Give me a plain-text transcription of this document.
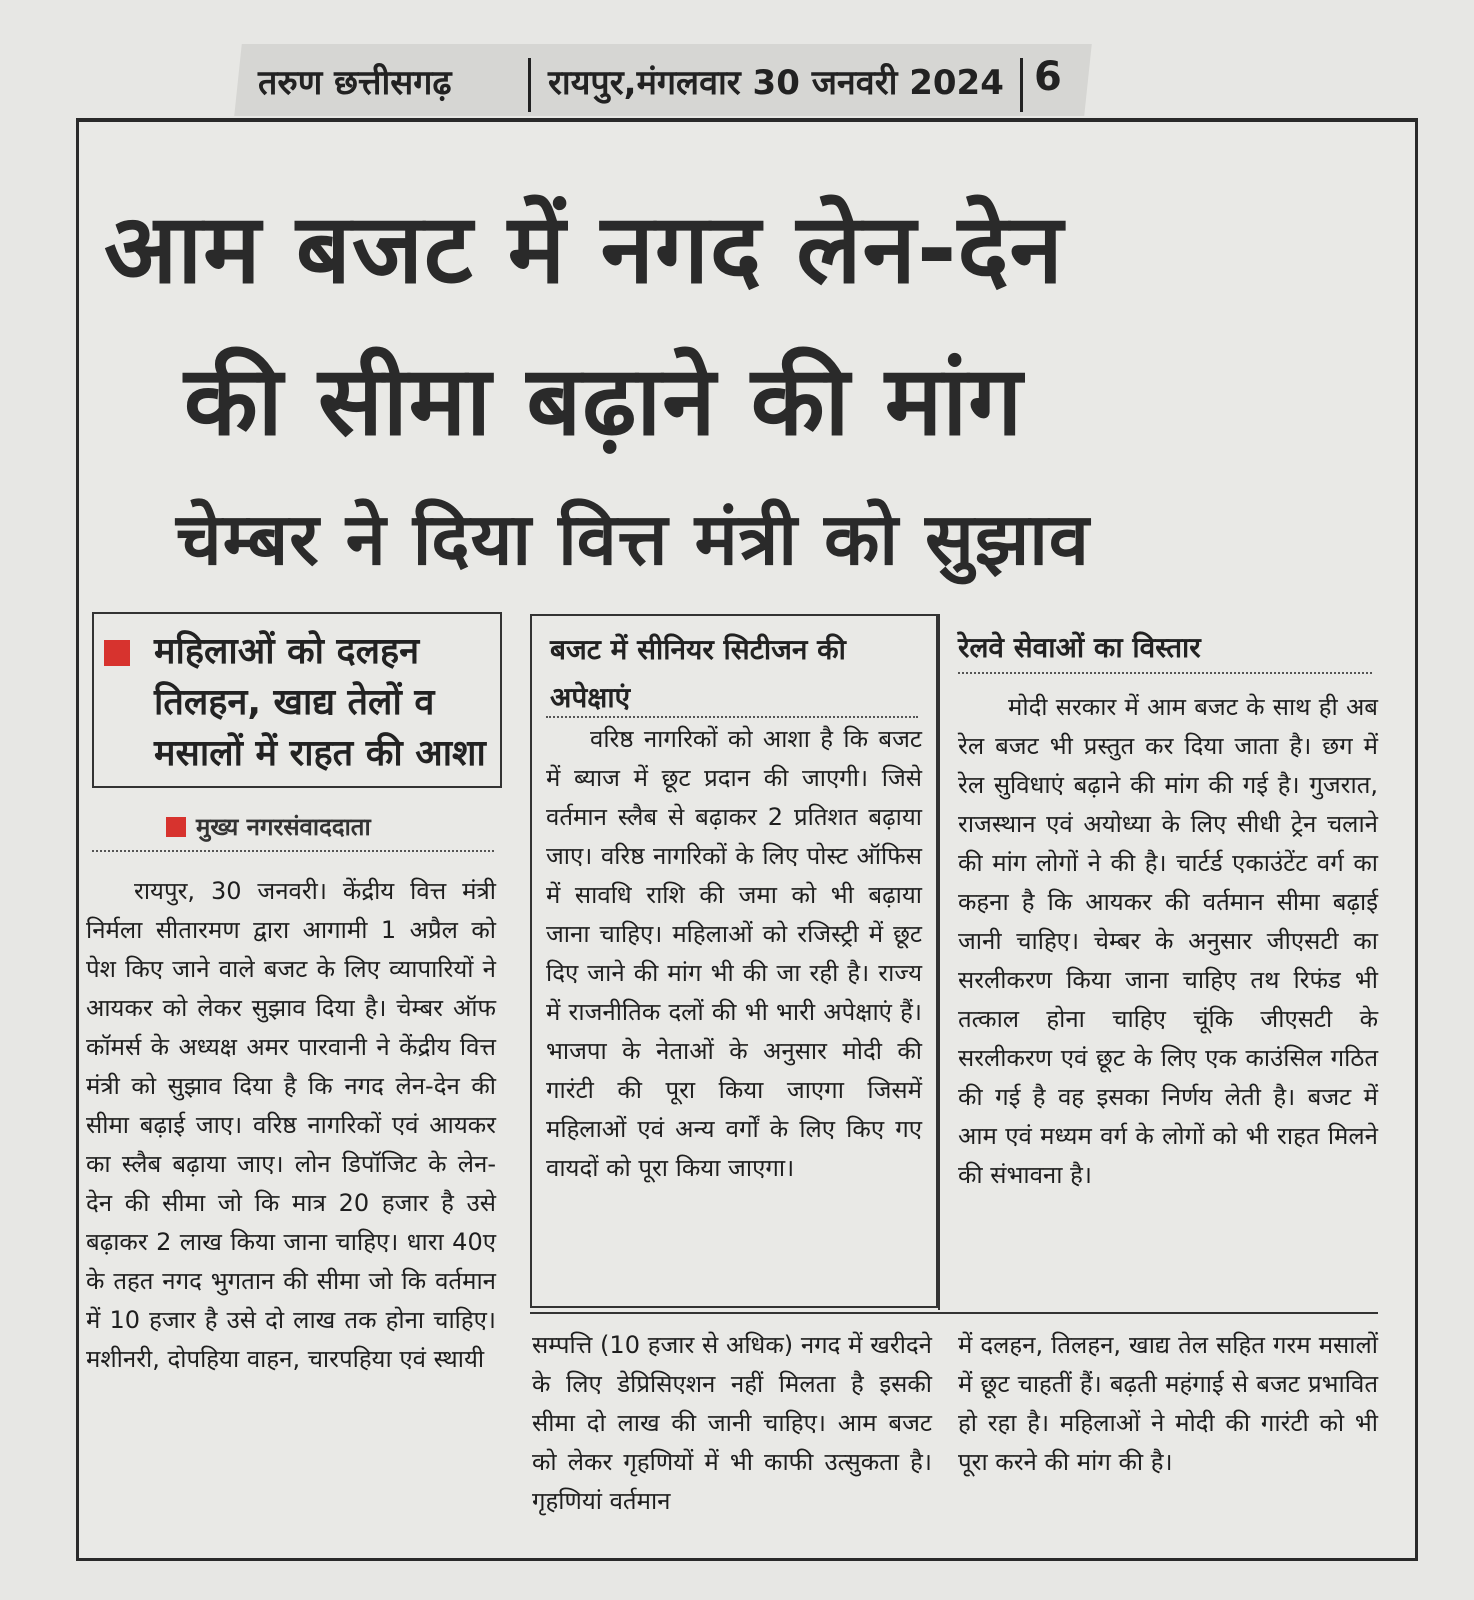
तरुण छत्तीसगढ़	रायपुर,मंगलवार 30 जनवरी 2024 6
आम बजट में नगद लेन-देन
की सीमा बढ़ाने की मांग
चेम्बर ने दिया वित्त मंत्री को सुझाव
महिलाओं को दलहन तिलहन, खाद्य तेलों व मसालों में राहत की आशा
मुख्य नगरसंवाददाता
रायपुर, 30 जनवरी। केंद्रीय वित्त मंत्री निर्मला सीतारमण द्वारा आगामी 1 अप्रैल को पेश किए जाने वाले बजट के लिए व्यापारियों ने आयकर को लेकर सुझाव दिया है। चेम्बर ऑफ कॉमर्स के अध्यक्ष अमर पारवानी ने केंद्रीय वित्त मंत्री को सुझाव दिया है कि नगद लेन-देन की सीमा बढ़ाई जाए। वरिष्ठ नागरिकों एवं आयकर का स्लैब बढ़ाया जाए। लोन डिपॉजिट के लेन-देन की सीमा जो कि मात्र 20 हजार है उसे बढ़ाकर 2 लाख किया जाना चाहिए। धारा 40ए के तहत नगद भुगतान की सीमा जो कि वर्तमान में 10 हजार है उसे दो लाख तक होना चाहिए। मशीनरी, दोपहिया वाहन, चारपहिया एवं स्थायी
बजट में सीनियर सिटीजन की अपेक्षाएं
वरिष्ठ नागरिकों को आशा है कि बजट में ब्याज में छूट प्रदान की जाएगी। जिसे वर्तमान स्लैब से बढ़ाकर 2 प्रतिशत बढ़ाया जाए। वरिष्ठ नागरिकों के लिए पोस्ट ऑफिस में सावधि राशि की जमा को भी बढ़ाया जाना चाहिए। महिलाओं को रजिस्ट्री में छूट दिए जाने की मांग भी की जा रही है। राज्य में राजनीतिक दलों की भी भारी अपेक्षाएं हैं। भाजपा के नेताओं के अनुसार मोदी की गारंटी की पूरा किया जाएगा जिसमें महिलाओं एवं अन्य वर्गों के लिए किए गए वायदों को पूरा किया जाएगा।
रेलवे सेवाओं का विस्तार
मोदी सरकार में आम बजट के साथ ही अब रेल बजट भी प्रस्तुत कर दिया जाता है। छग में रेल सुविधाएं बढ़ाने की मांग की गई है। गुजरात, राजस्थान एवं अयोध्या के लिए सीधी ट्रेन चलाने की मांग लोगों ने की है। चार्टर्ड एकाउंटेंट वर्ग का कहना है कि आयकर की वर्तमान सीमा बढ़ाई जानी चाहिए। चेम्बर के अनुसार जीएसटी का सरलीकरण किया जाना चाहिए तथ रिफंड भी तत्काल होना चाहिए चूंकि जीएसटी के सरलीकरण एवं छूट के लिए एक काउंसिल गठित की गई है वह इसका निर्णय लेती है। बजट में आम एवं मध्यम वर्ग के लोगों को भी राहत मिलने की संभावना है।
सम्पत्ति (10 हजार से अधिक) नगद में खरीदने के लिए डेप्रिसिएशन नहीं मिलता है इसकी सीमा दो लाख की जानी चाहिए। आम बजट को लेकर गृहणियों में भी काफी उत्सुकता है। गृहणियां वर्तमान
में दलहन, तिलहन, खाद्य तेल सहित गरम मसालों में छूट चाहतीं हैं। बढ़ती महंगाई से बजट प्रभावित हो रहा है। महिलाओं ने मोदी की गारंटी को भी पूरा करने की मांग की है।
